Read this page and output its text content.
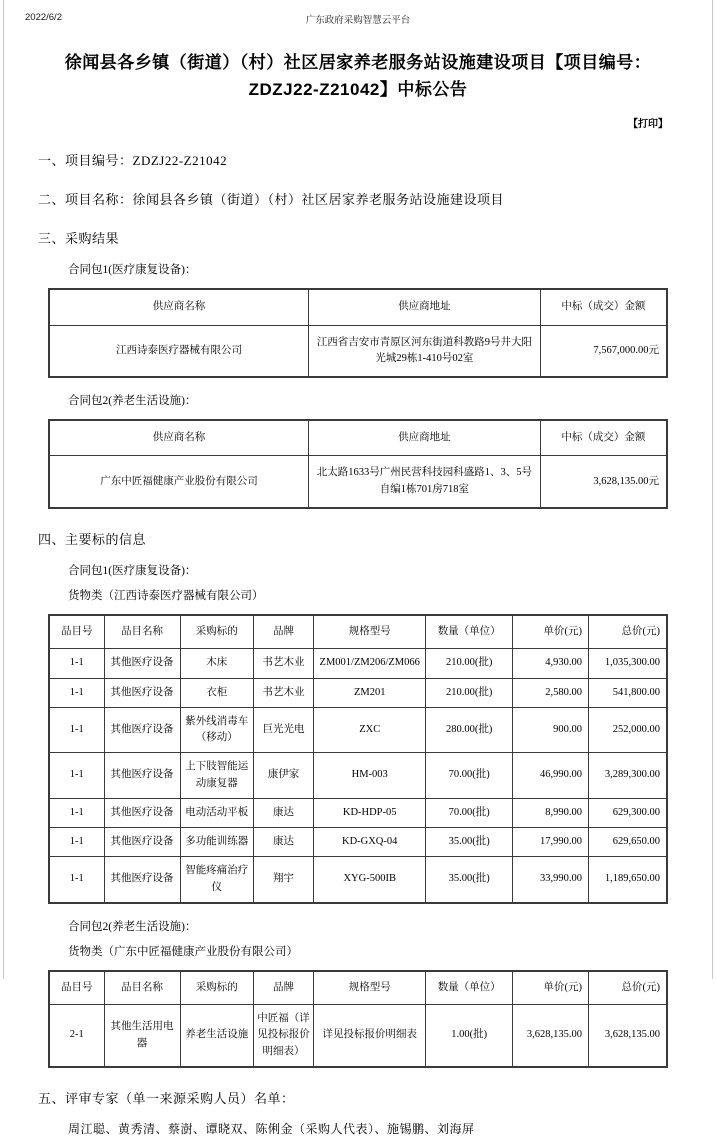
2022/6/2	广东政府采购智慧云平台
徐闻县各乡镇（街道）（村）社区居家养老服务站设施建设项目【项目编号：
ZDZJ22-Z21042】中标公告
【打印】
一、项目编号：ZDZJ22-Z21042
二、项目名称：徐闻县各乡镇（街道）（村）社区居家养老服务站设施建设项目
三、采购结果
合同包1(医疗康复设备)：
供应商名称	供应商地址	中标（成交）金额
江西诗泰医疗器械有限公司	江西省吉安市青原区河东街道科教路9号井大阳光城29栋1-410号02室	7,567,000.00元
合同包2(养老生活设施)：
供应商名称	供应商地址	中标（成交）金额
广东中匠福健康产业股份有限公司	北太路1633号广州民营科技园科盛路1、3、5号自编1栋701房718室	3,628,135.00元
四、主要标的信息
合同包1(医疗康复设备)：
货物类（江西诗泰医疗器械有限公司）
品目号	品目名称	采购标的	品牌	规格型号	数量（单位）	单价(元)	总价(元)
1-1	其他医疗设备	木床	书艺木业	ZM001/ZM206/ZM066	210.00(批)	4,930.00	1,035,300.00
1-1	其他医疗设备	衣柜	书艺木业	ZM201	210.00(批)	2,580.00	541,800.00
1-1	其他医疗设备	紫外线消毒车（移动）	巨光光电	ZXC	280.00(批)	900.00	252,000.00
1-1	其他医疗设备	上下肢智能运动康复器	康伊家	HM-003	70.00(批)	46,990.00	3,289,300.00
1-1	其他医疗设备	电动活动平板	康达	KD-HDP-05	70.00(批)	8,990.00	629,300.00
1-1	其他医疗设备	多功能训练器	康达	KD-GXQ-04	35.00(批)	17,990.00	629,650.00
1-1	其他医疗设备	智能疼痛治疗仪	翔宇	XYG-500IB	35.00(批)	33,990.00	1,189,650.00
合同包2(养老生活设施)：
货物类（广东中匠福健康产业股份有限公司）
品目号	品目名称	采购标的	品牌	规格型号	数量（单位）	单价(元)	总价(元)
2-1	其他生活用电器	养老生活设施	中匠福（详见投标报价明细表）	详见投标报价明细表	1.00(批)	3,628,135.00	3,628,135.00
五、评审专家（单一来源采购人员）名单：
周江聪、黄秀清、蔡澍、谭晓双、陈俐金（采购人代表）、施锡鹏、刘海屏
